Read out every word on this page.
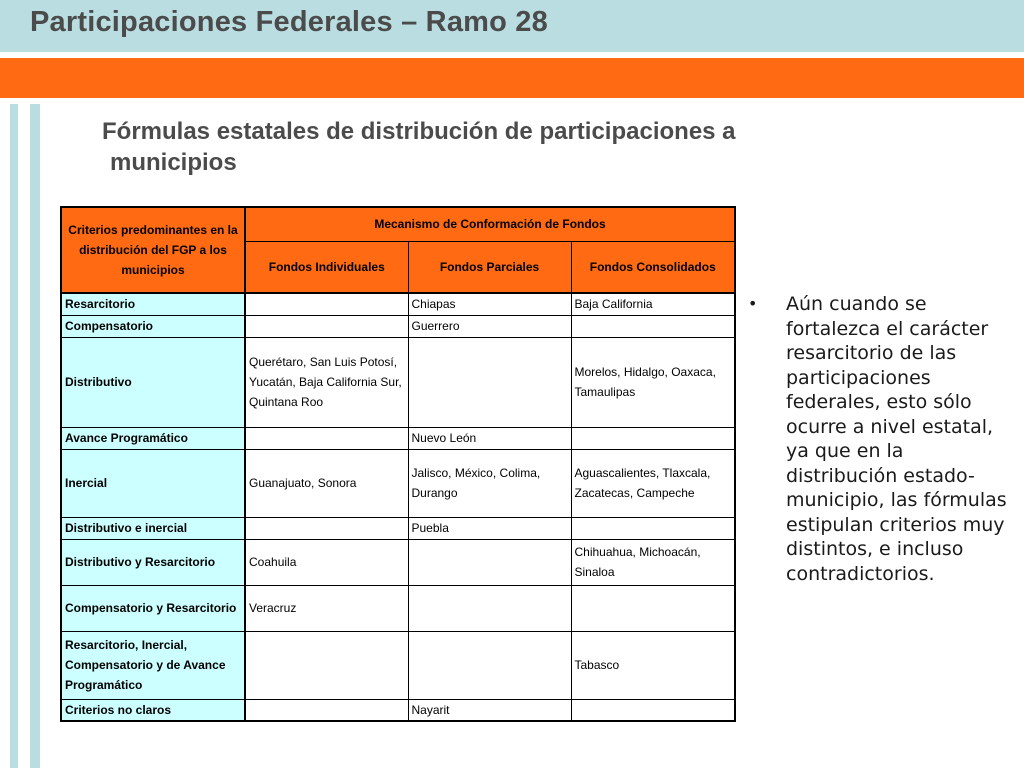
Participaciones Federales – Ramo 28
Fórmulas estatales de distribución de participaciones a
municipios
Criterios predominantes en la distribución del FGP a los municipios	Mecanismo de Conformación de Fondos		
	Fondos Individuales	Fondos Parciales	Fondos Consolidados
Resarcitorio		Chiapas	Baja California
Compensatorio		Guerrero	
Distributivo	Querétaro, San Luis Potosí, Yucatán, Baja California Sur, Quintana Roo		Morelos, Hidalgo, Oaxaca, Tamaulipas
Avance Programático		Nuevo León	
Inercial	Guanajuato, Sonora	Jalisco, México, Colima, Durango	Aguascalientes, Tlaxcala, Zacatecas, Campeche
Distributivo e inercial		Puebla	
Distributivo y Resarcitorio	Coahuila		Chihuahua, Michoacán, Sinaloa
Compensatorio y Resarcitorio	Veracruz		
Resarcitorio, Inercial, Compensatorio y de Avance Programático			Tabasco
Criterios no claros		Nayarit	
• Aún cuando se fortalezca el carácter resarcitorio de las participaciones federales, esto sólo ocurre a nivel estatal, ya que en la distribución estado-municipio, las fórmulas estipulan criterios muy distintos, e incluso contradictorios.
